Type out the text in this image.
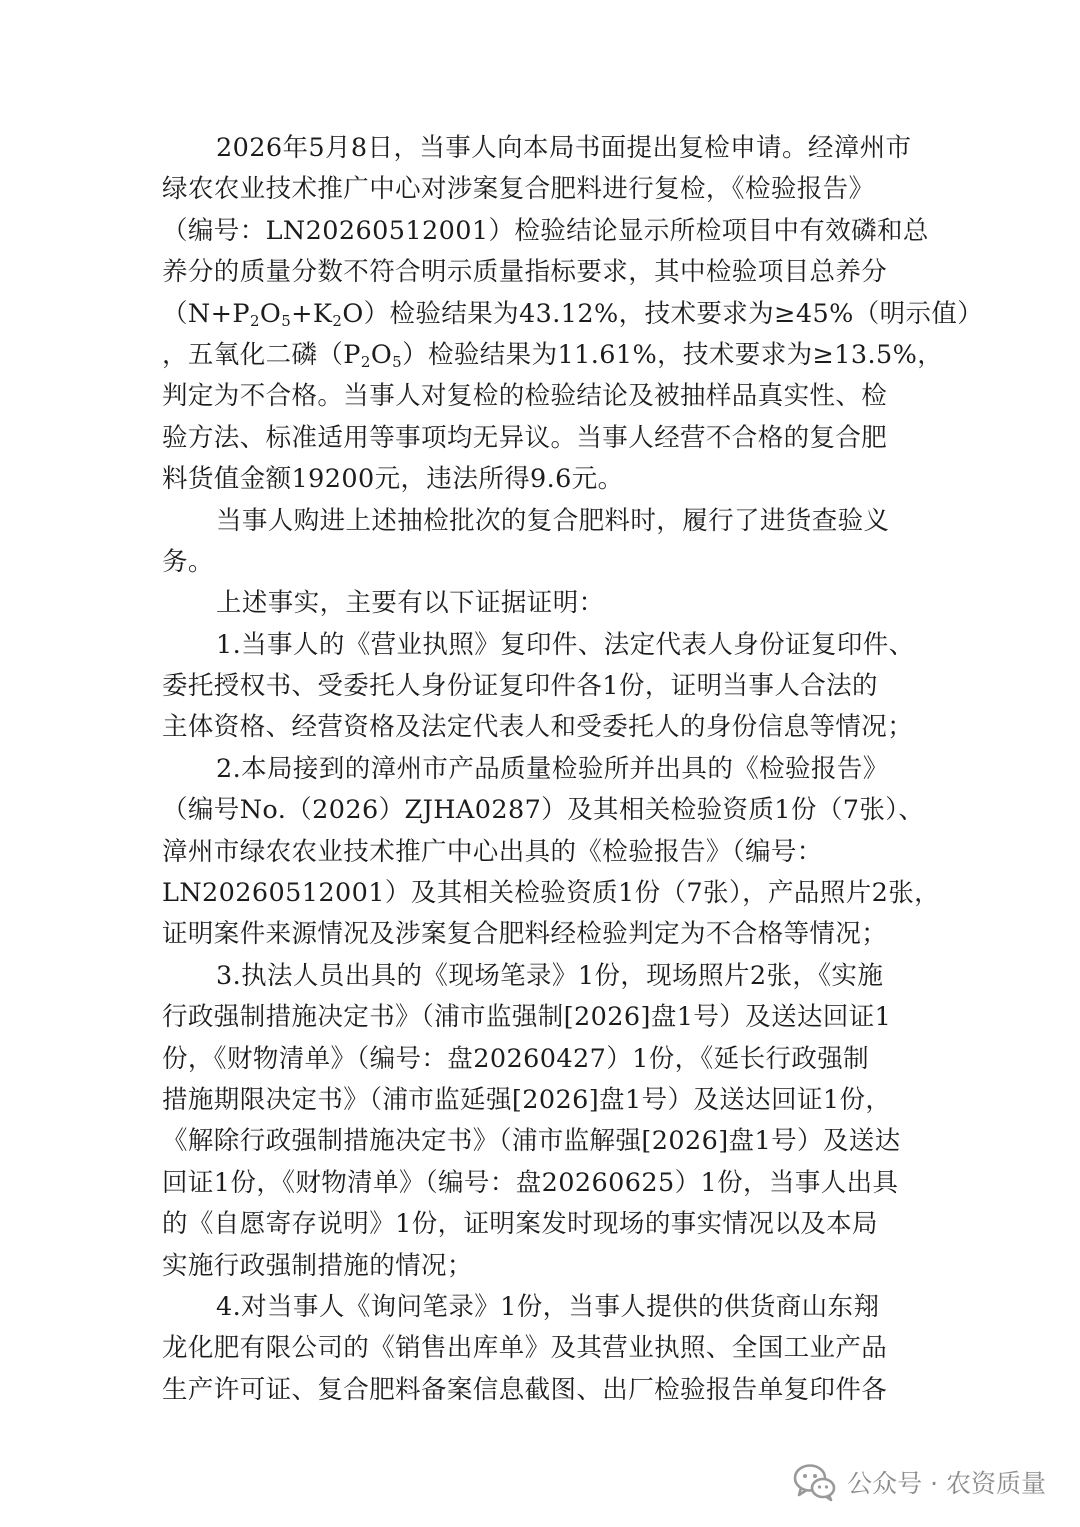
2026年5月8日，当事人向本局书面提出复检申请。经漳州市
绿农农业技术推广中心对涉案复合肥料进行复检，《检验报告》
（编号：LN20260512001）检验结论显示所检项目中有效磷和总
养分的质量分数不符合明示质量指标要求，其中检验项目总养分
$(N+P_2O_5+K_2O)$检验结果为43.12%，技术要求为≥45%（明示值）
，五氧化二磷$(P_2O_5)$检验结果为11.61%，技术要求为≥13.5%，
判定为不合格。当事人对复检的检验结论及被抽样品真实性、检
验方法、标准适用等事项均无异议。当事人经营不合格的复合肥
料货值金额19200元，违法所得9.6元。
当事人购进上述抽检批次的复合肥料时，履行了进货查验义
务。
上述事实，主要有以下证据证明：
1.当事人的《营业执照》复印件、法定代表人身份证复印件、
委托授权书、受委托人身份证复印件各1份，证明当事人合法的
主体资格、经营资格及法定代表人和受委托人的身份信息等情况；
2.本局接到的漳州市产品质量检验所并出具的《检验报告》
（编号No.（2026）ZJHA0287）及其相关检验资质1份（7张）、
漳州市绿农农业技术推广中心出具的《检验报告》（编号：
LN20260512001）及其相关检验资质1份（7张），产品照片2张，
证明案件来源情况及涉案复合肥料经检验判定为不合格等情况；
3.执法人员出具的《现场笔录》1份，现场照片2张，《实施
行政强制措施决定书》（浦市监强制[2026]盘1号）及送达回证1
份，《财物清单》（编号：盘20260427）1份，《延长行政强制
措施期限决定书》（浦市监延强[2026]盘1号）及送达回证1份，
《解除行政强制措施决定书》（浦市监解强[2026]盘1号）及送达
回证1份，《财物清单》（编号：盘20260625）1份，当事人出具
的《自愿寄存说明》1份，证明案发时现场的事实情况以及本局
实施行政强制措施的情况；
4.对当事人《询问笔录》1份，当事人提供的供货商山东翔
龙化肥有限公司的《销售出库单》及其营业执照、全国工业产品
生产许可证、复合肥料备案信息截图、出厂检验报告单复印件各
公众号 · 农资质量
